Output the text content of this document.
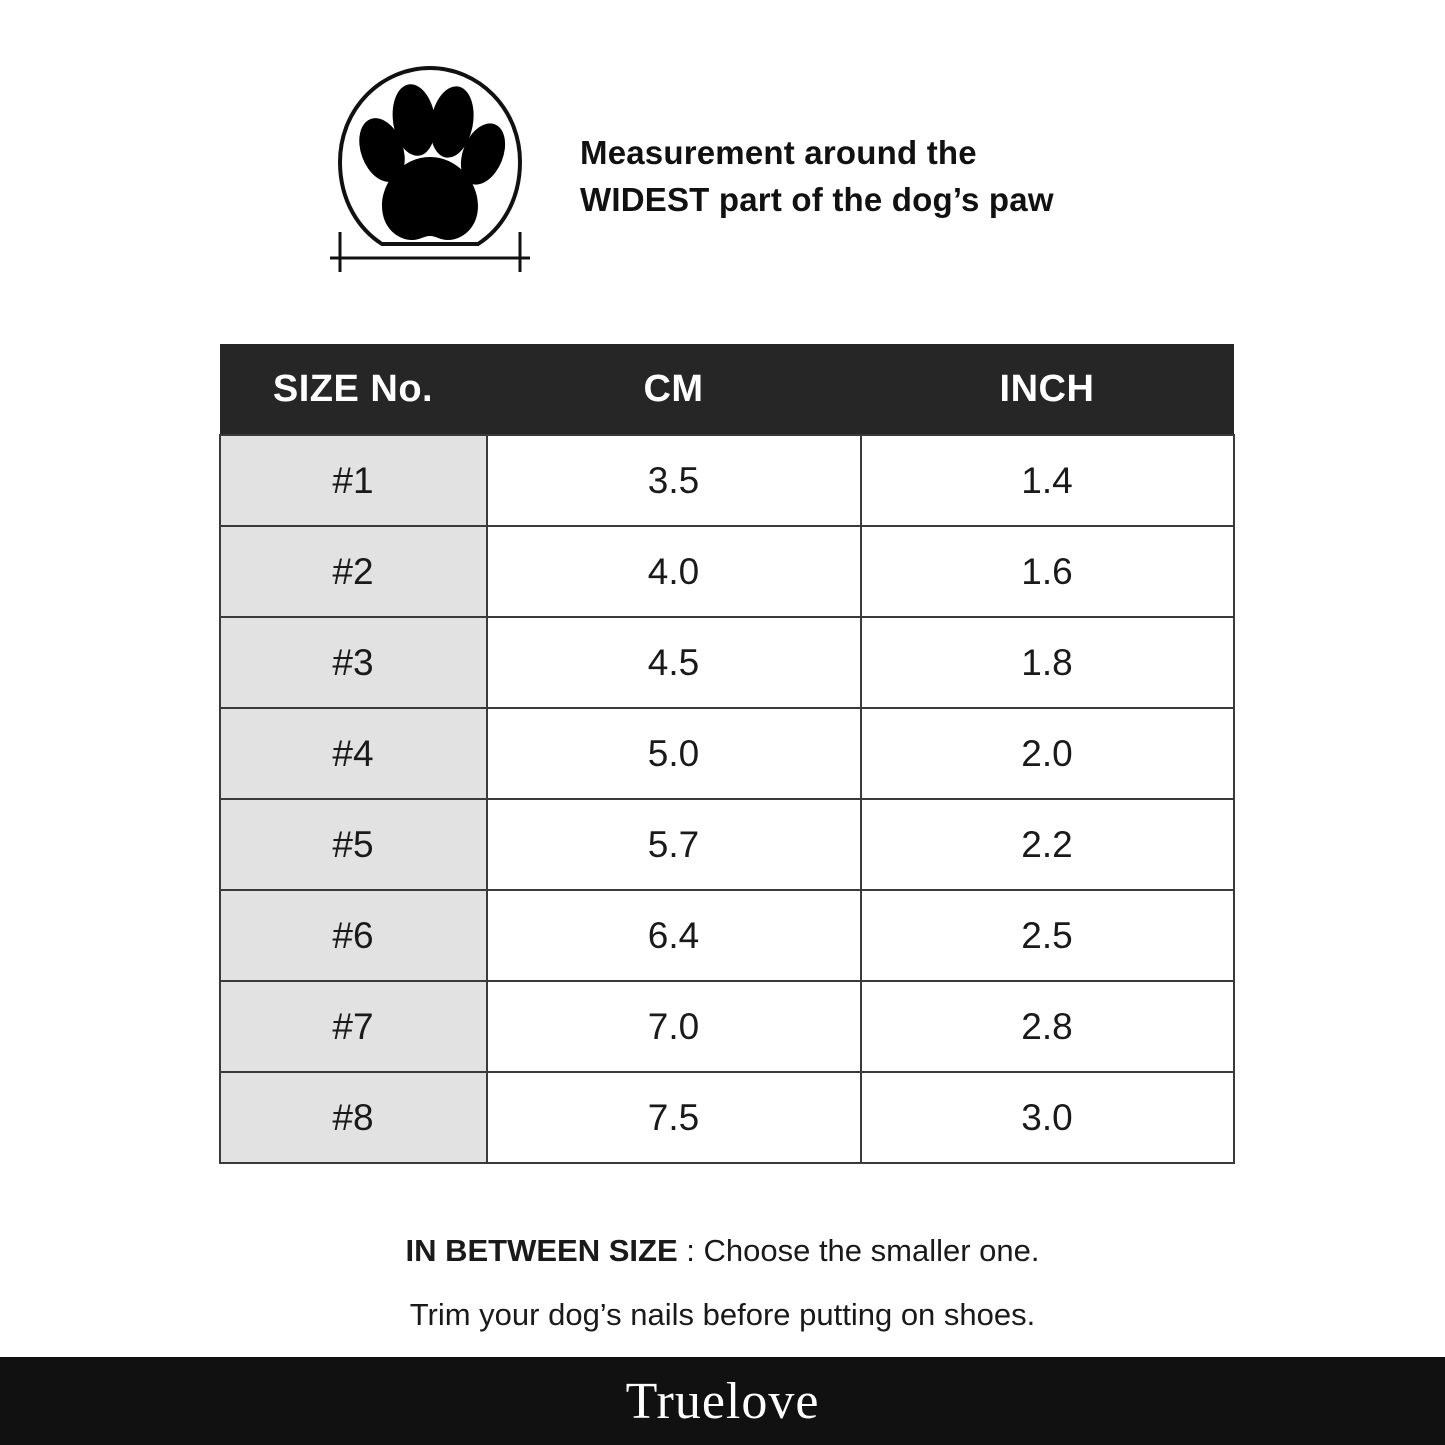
Measurement around the
WIDEST part of the dog’s paw
SIZE No.	CM	INCH
#1	3.5	1.4
#2	4.0	1.6
#3	4.5	1.8
#4	5.0	2.0
#5	5.7	2.2
#6	6.4	2.5
#7	7.0	2.8
#8	7.5	3.0
IN BETWEEN SIZE : Choose the smaller one.
Trim your dog’s nails before putting on shoes.
Truelove
